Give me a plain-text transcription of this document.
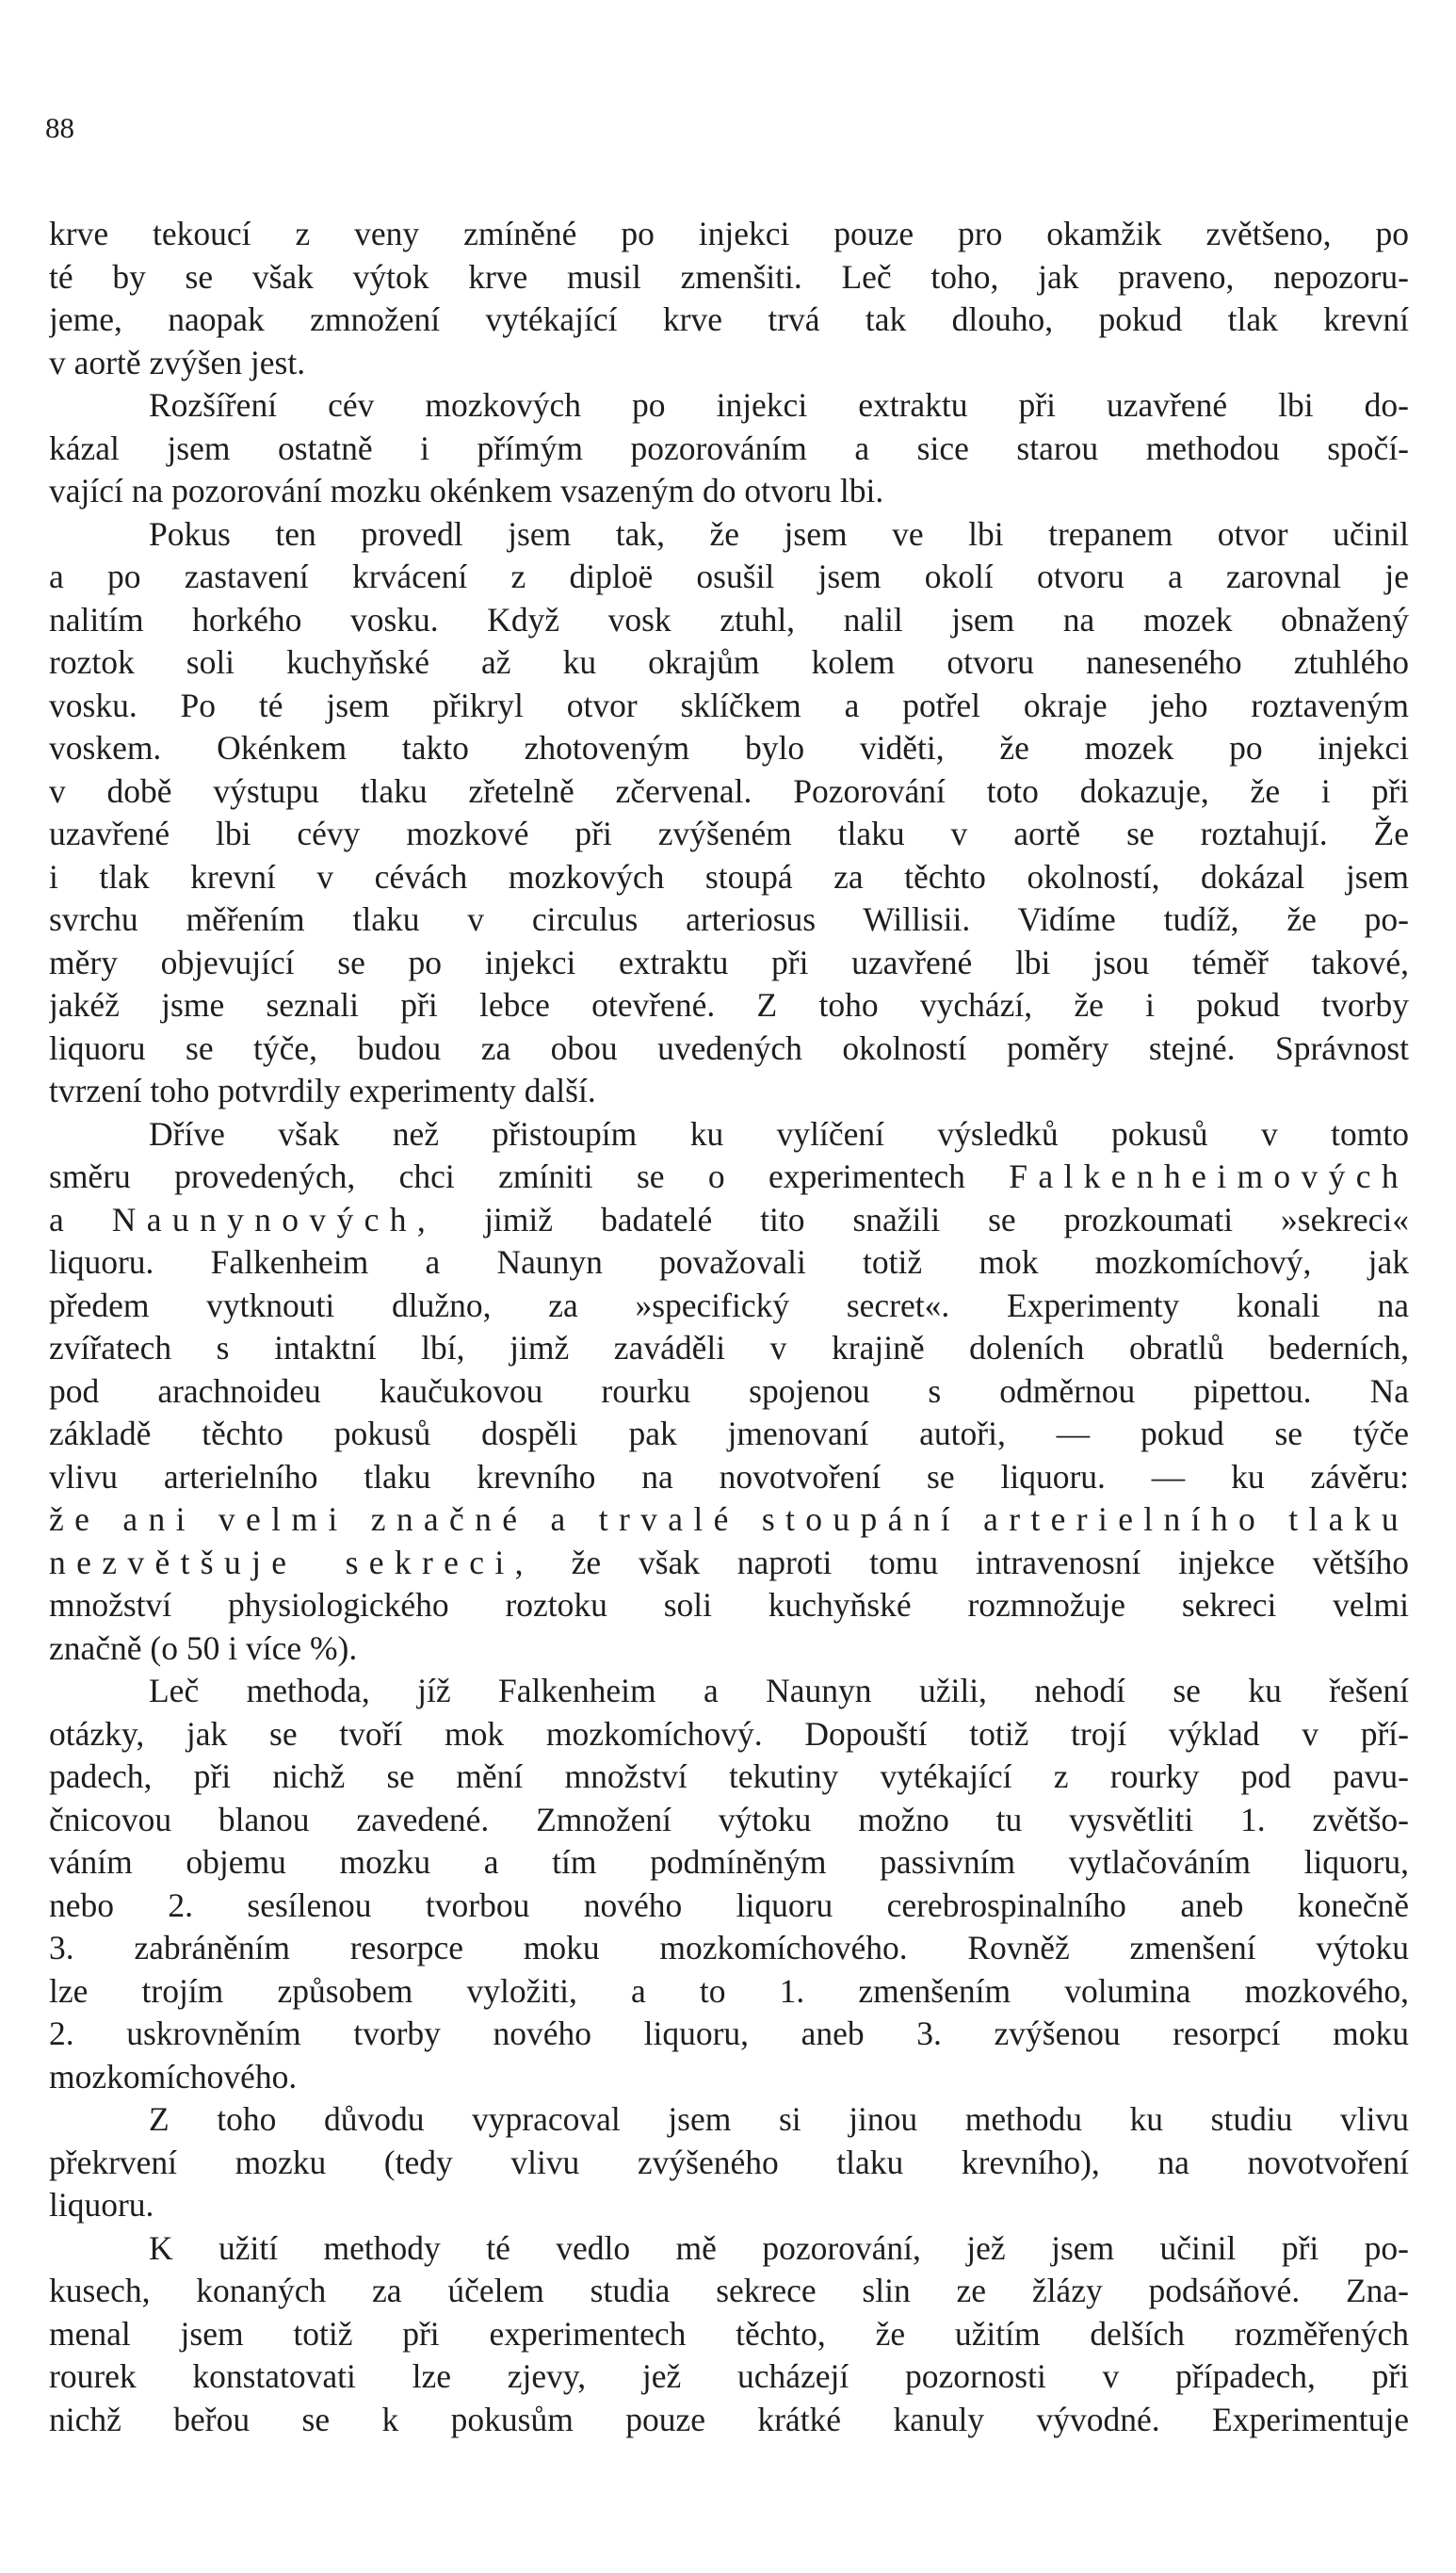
88
krve tekoucí z veny zmíněné po injekci pouze pro okamžik zvětšeno, po
té by se však výtok krve musil zmenšiti. Leč toho, jak praveno, nepozoru-
jeme, naopak zmnožení vytékající krve trvá tak dlouho, pokud tlak krevní
v aortě zvýšen jest.
Rozšíření cév mozkových po injekci extraktu při uzavřené lbi do-
kázal jsem ostatně i přímým pozorováním a sice starou methodou spočí-
vající na pozorování mozku okénkem vsazeným do otvoru lbi.
Pokus ten provedl jsem tak, že jsem ve lbi trepanem otvor učinil
a po zastavení krvácení z diploë osušil jsem okolí otvoru a zarovnal je
nalitím horkého vosku. Když vosk ztuhl, nalil jsem na mozek obnažený
roztok soli kuchyňské až ku okrajům kolem otvoru naneseného ztuhlého
vosku. Po té jsem přikryl otvor sklíčkem a potřel okraje jeho roztaveným
voskem. Okénkem takto zhotoveným bylo viděti, že mozek po injekci
v době výstupu tlaku zřetelně zčervenal. Pozorování toto dokazuje, že i při
uzavřené lbi cévy mozkové při zvýšeném tlaku v aortě se roztahují. Že
i tlak krevní v cévách mozkových stoupá za těchto okolností, dokázal jsem
svrchu měřením tlaku v circulus arteriosus Willisii. Vidíme tudíž, že po-
měry objevující se po injekci extraktu při uzavřené lbi jsou téměř takové,
jakéž jsme seznali při lebce otevřené. Z toho vychází, že i pokud tvorby
liquoru se týče, budou za obou uvedených okolností poměry stejné. Správnost
tvrzení toho potvrdily experimenty další.
Dříve však než přistoupím ku vylíčení výsledků pokusů v tomto
směru provedených, chci zmíniti se o experimentech Falkenheimových
a Naunynových, jimiž badatelé tito snažili se prozkoumati »sekreci«
liquoru. Falkenheim a Naunyn považovali totiž mok mozkomíchový, jak
předem vytknouti dlužno, za »specifický secret«. Experimenty konali na
zvířatech s intaktní lbí, jimž zaváděli v krajině doleních obratlů bederních,
pod arachnoideu kaučukovou rourku spojenou s odměrnou pipettou. Na
základě těchto pokusů dospěli pak jmenovaní autoři, — pokud se týče
vlivu arterielního tlaku krevního na novotvoření se liquoru. — ku závěru:
že ani velmi značné a trvalé stoupání arterielního tlaku
nezvětšuje sekreci, že však naproti tomu intravenosní injekce většího
množství physiologického roztoku soli kuchyňské rozmnožuje sekreci velmi
značně (o 50 i více %).
Leč methoda, jíž Falkenheim a Naunyn užili, nehodí se ku řešení
otázky, jak se tvoří mok mozkomíchový. Dopouští totiž trojí výklad v pří-
padech, při nichž se mění množství tekutiny vytékající z rourky pod pavu-
čnicovou blanou zavedené. Zmnožení výtoku možno tu vysvětliti 1. zvětšo-
váním objemu mozku a tím podmíněným passivním vytlačováním liquoru,
nebo 2. sesílenou tvorbou nového liquoru cerebrospinalního aneb konečně
3. zabráněním resorpce moku mozkomíchového. Rovněž zmenšení výtoku
lze trojím způsobem vyložiti, a to 1. zmenšením volumina mozkového,
2. uskrovněním tvorby nového liquoru, aneb 3. zvýšenou resorpcí moku
mozkomíchového.
Z toho důvodu vypracoval jsem si jinou methodu ku studiu vlivu
překrvení mozku (tedy vlivu zvýšeného tlaku krevního), na novotvoření
liquoru.
K užití methody té vedlo mě pozorování, jež jsem učinil při po-
kusech, konaných za účelem studia sekrece slin ze žlázy podsáňové. Zna-
menal jsem totiž při experimentech těchto, že užitím delších rozměřených
rourek konstatovati lze zjevy, jež ucházejí pozornosti v případech, při
nichž beřou se k pokusům pouze krátké kanuly vývodné. Experimentuje
